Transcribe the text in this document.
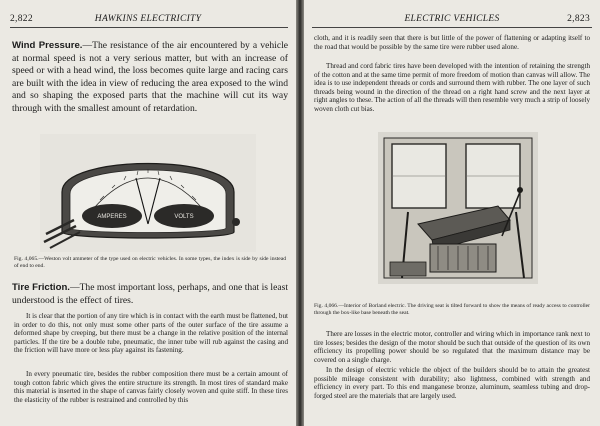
2,822	HAWKINS ELECTRICITY

Wind Pressure.—The resistance of the air encountered by a vehicle at normal speed is not a very serious matter, but with an increase of speed or with a head wind, the loss becomes quite large and racing cars are built with the idea in view of reducing the area exposed to the wind and so shaping the exposed parts that the machine will cut its way through with the smallest amount of retardation.

AMPERES	VOLTS

Fig. 4,065.—Weston volt ammeter of the type used on electric vehicles. In some types, the index is side by side instead of end to end.

Tire Friction.—The most important loss, perhaps, and one that is least understood is the effect of tires.

It is clear that the portion of any tire which is in contact with the earth must be flattened, but in order to do this, not only must some other parts of the outer surface of the tire assume a deformed shape by creeping, but there must be a change in the relative position of the internal particles. If the tire be a double tube, pneumatic, the inner tube will rub against the casing and the friction will have more or less play against its fastening.

In every pneumatic tire, besides the rubber composition there must be a certain amount of tough cotton fabric which gives the entire structure its strength. In most tires of standard make this material is inserted in the shape of canvas fairly closely woven and quite stiff. In these tires the elasticity of the rubber is restrained and controlled by this

ELECTRIC VEHICLES	2,823

cloth, and it is readily seen that there is but little of the power of flattening or adapting itself to the road that would be possible by the same tire were rubber used alone.

Thread and cord fabric tires have been developed with the intention of retaining the strength of the cotton and at the same time permit of more freedom of motion than canvas will allow. The idea is to use independent threads or cords and surround them with rubber. The one layer of such threads being wound in the direction of the thread on a right hand screw and the next layer at right angles to these. The action of all the threads will then resemble very much a strip of loosely woven cloth cut bias.

Fig. 4,066.—Interior of Borland electric. The driving seat is tilted forward to show the means of ready access to controller through the box-like base beneath the seat.

There are losses in the electric motor, controller and wiring which in importance rank next to tire losses; besides the design of the motor should be such that outside of the question of its own efficiency its propelling power should be so regulated that the maximum distance may be covered on a single charge.

In the design of electric vehicle the object of the builders should be to attain the greatest possible mileage consistent with durability; also lightness, combined with strength and efficiency in every part. To this end manganese bronze, aluminum, seamless tubing and drop-forged steel are the materials that are largely used.
